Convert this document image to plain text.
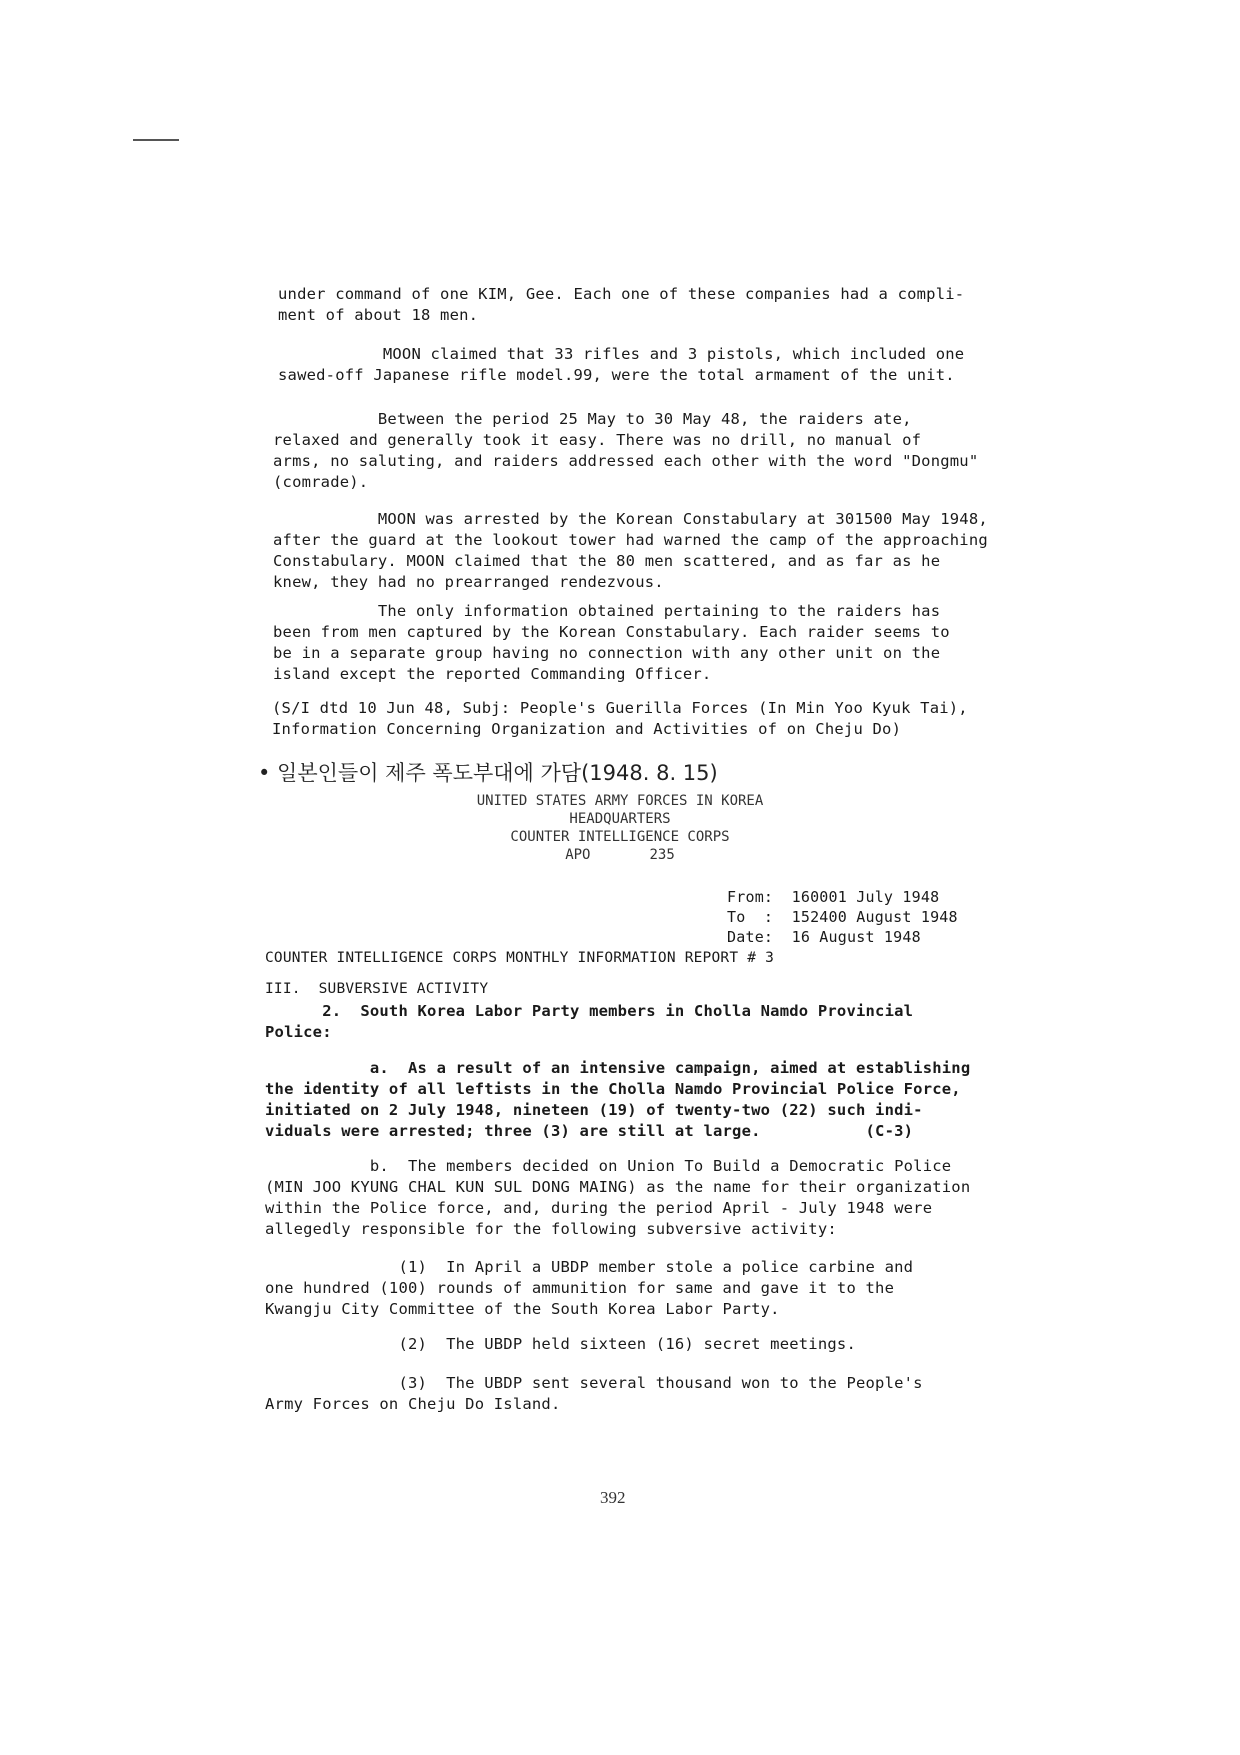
under command of one KIM, Gee. Each one of these companies had a compli-
ment of about 18 men.

MOON claimed that 33 rifles and 3 pistols, which included one
sawed-off Japanese rifle model.99, were the total armament of the unit.

Between the period 25 May to 30 May 48, the raiders ate,
relaxed and generally took it easy. There was no drill, no manual of
arms, no saluting, and raiders addressed each other with the word "Dongmu"
(comrade).

MOON was arrested by the Korean Constabulary at 301500 May 1948,
after the guard at the lookout tower had warned the camp of the approaching
Constabulary. MOON claimed that the 80 men scattered, and as far as he
knew, they had no prearranged rendezvous.

The only information obtained pertaining to the raiders has
been from men captured by the Korean Constabulary. Each raider seems to
be in a separate group having no connection with any other unit on the
island except the reported Commanding Officer.

(S/I dtd 10 Jun 48, Subj: People's Guerilla Forces (In Min Yoo Kyuk Tai),
Information Concerning Organization and Activities of on Cheju Do)

• 일본인들이 제주 폭도부대에 가담(1948. 8. 15)

UNITED STATES ARMY FORCES IN KOREA
HEADQUARTERS
COUNTER INTELLIGENCE CORPS
APO       235

From:  160001 July 1948
To  :  152400 August 1948
Date:  16 August 1948

COUNTER INTELLIGENCE CORPS MONTHLY INFORMATION REPORT # 3

III.  SUBVERSIVE ACTIVITY

2.  South Korea Labor Party members in Cholla Namdo Provincial
Police:

a.  As a result of an intensive campaign, aimed at establishing
the identity of all leftists in the Cholla Namdo Provincial Police Force,
initiated on 2 July 1948, nineteen (19) of twenty-two (22) such indi-
viduals were arrested; three (3) are still at large.           (C-3)

b.  The members decided on Union To Build a Democratic Police
(MIN JOO KYUNG CHAL KUN SUL DONG MAING) as the name for their organization
within the Police force, and, during the period April - July 1948 were
allegedly responsible for the following subversive activity:

(1)  In April a UBDP member stole a police carbine and
one hundred (100) rounds of ammunition for same and gave it to the
Kwangju City Committee of the South Korea Labor Party.

(2)  The UBDP held sixteen (16) secret meetings.

(3)  The UBDP sent several thousand won to the People's
Army Forces on Cheju Do Island.

392
